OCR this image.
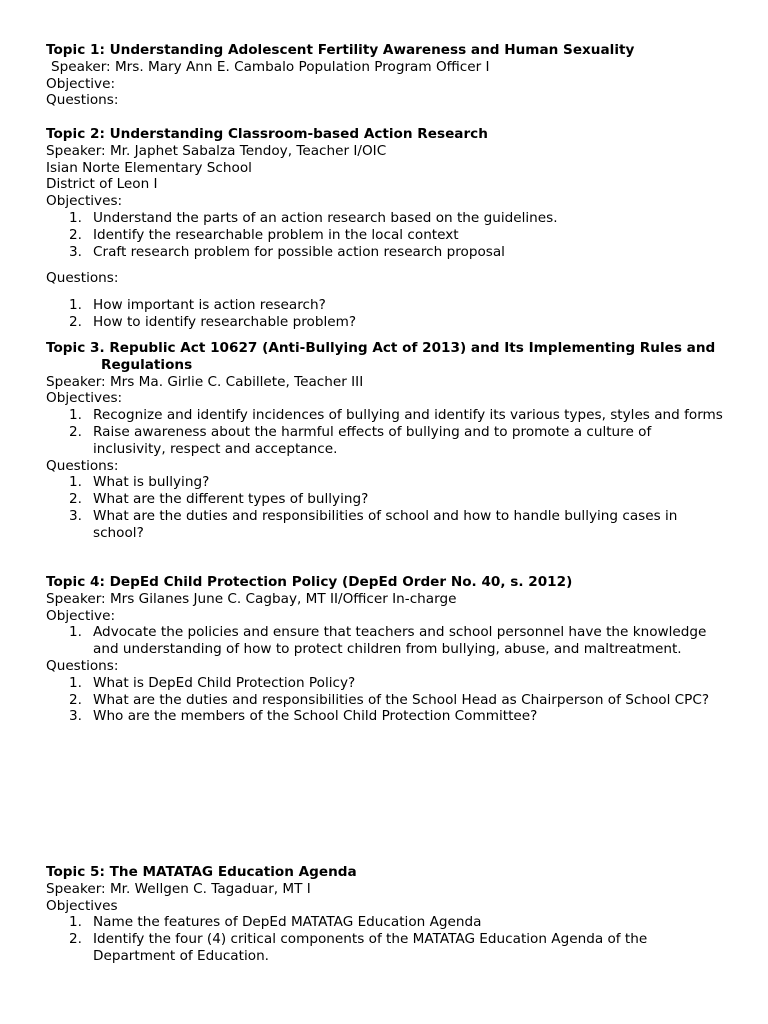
Topic 1: Understanding Adolescent Fertility Awareness and Human Sexuality

Speaker: Mrs. Mary Ann E. Cambalo Population Program Officer I

Objective:

Questions:

Topic 2: Understanding Classroom-based Action Research

Speaker: Mr. Japhet Sabalza Tendoy, Teacher I/OIC

Isian Norte Elementary School

District of Leon I

Objectives:

1. Understand the parts of an action research based on the guidelines.
2. Identify the researchable problem in the local context
3. Craft research problem for possible action research proposal

Questions:

1. How important is action research?
2. How to identify researchable problem?

Topic 3. Republic Act 10627 (Anti-Bullying Act of 2013) and Its Implementing Rules and Regulations

Speaker: Mrs Ma. Girlie C. Cabillete, Teacher III

Objectives:

1. Recognize and identify incidences of bullying and identify its various types, styles and forms
2. Raise awareness about the harmful effects of bullying and to promote a culture of inclusivity, respect and acceptance.

Questions:

1. What is bullying?
2. What are the different types of bullying?
3. What are the duties and responsibilities of school and how to handle bullying cases in school?

Topic 4: DepEd Child Protection Policy (DepEd Order No. 40, s. 2012)

Speaker: Mrs Gilanes June C. Cagbay, MT II/Officer In-charge

Objective:

1. Advocate the policies and ensure that teachers and school personnel have the knowledge and understanding of how to protect children from bullying, abuse, and maltreatment.

Questions:

1. What is DepEd Child Protection Policy?
2. What are the duties and responsibilities of the School Head as Chairperson of School CPC?
3. Who are the members of the School Child Protection Committee?

Topic 5: The MATATAG Education Agenda

Speaker: Mr. Wellgen C. Tagaduar, MT I

Objectives

1. Name the features of DepEd MATATAG Education Agenda
2. Identify the four (4) critical components of the MATATAG Education Agenda of the Department of Education.
